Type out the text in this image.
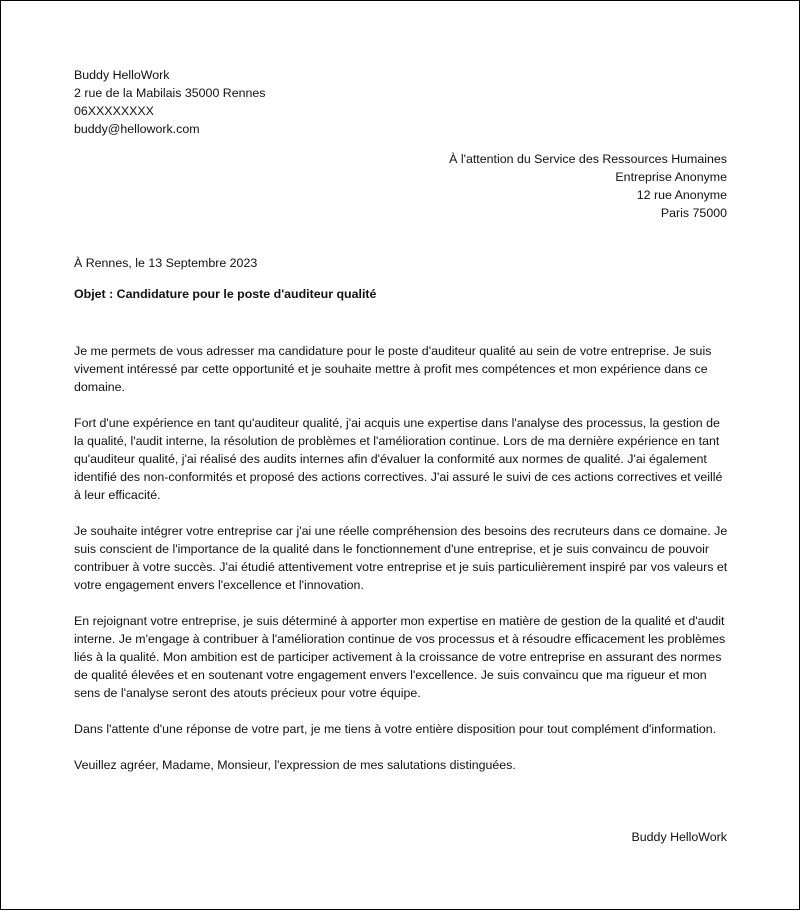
Buddy HelloWork
2 rue de la Mabilais 35000 Rennes
06XXXXXXXX
buddy@hellowork.com
À l'attention du Service des Ressources Humaines
Entreprise Anonyme
12 rue Anonyme
Paris 75000
À Rennes, le 13 Septembre 2023
Objet : Candidature pour le poste d'auditeur qualité

Je me permets de vous adresser ma candidature pour le poste d'auditeur qualité au sein de votre entreprise. Je suis vivement intéressé par cette opportunité et je souhaite mettre à profit mes compétences et mon expérience dans ce domaine.

Fort d'une expérience en tant qu'auditeur qualité, j'ai acquis une expertise dans l'analyse des processus, la gestion de la qualité, l'audit interne, la résolution de problèmes et l'amélioration continue. Lors de ma dernière expérience en tant qu'auditeur qualité, j'ai réalisé des audits internes afin d'évaluer la conformité aux normes de qualité. J'ai également identifié des non-conformités et proposé des actions correctives. J'ai assuré le suivi de ces actions correctives et veillé à leur efficacité.

Je souhaite intégrer votre entreprise car j'ai une réelle compréhension des besoins des recruteurs dans ce domaine. Je suis conscient de l'importance de la qualité dans le fonctionnement d'une entreprise, et je suis convaincu de pouvoir contribuer à votre succès. J'ai étudié attentivement votre entreprise et je suis particulièrement inspiré par vos valeurs et votre engagement envers l'excellence et l'innovation.

En rejoignant votre entreprise, je suis déterminé à apporter mon expertise en matière de gestion de la qualité et d'audit interne. Je m'engage à contribuer à l'amélioration continue de vos processus et à résoudre efficacement les problèmes liés à la qualité. Mon ambition est de participer activement à la croissance de votre entreprise en assurant des normes de qualité élevées et en soutenant votre engagement envers l'excellence. Je suis convaincu que ma rigueur et mon sens de l'analyse seront des atouts précieux pour votre équipe.

Dans l'attente d'une réponse de votre part, je me tiens à votre entière disposition pour tout complément d'information.

Veuillez agréer, Madame, Monsieur, l'expression de mes salutations distinguées.

Buddy HelloWork
